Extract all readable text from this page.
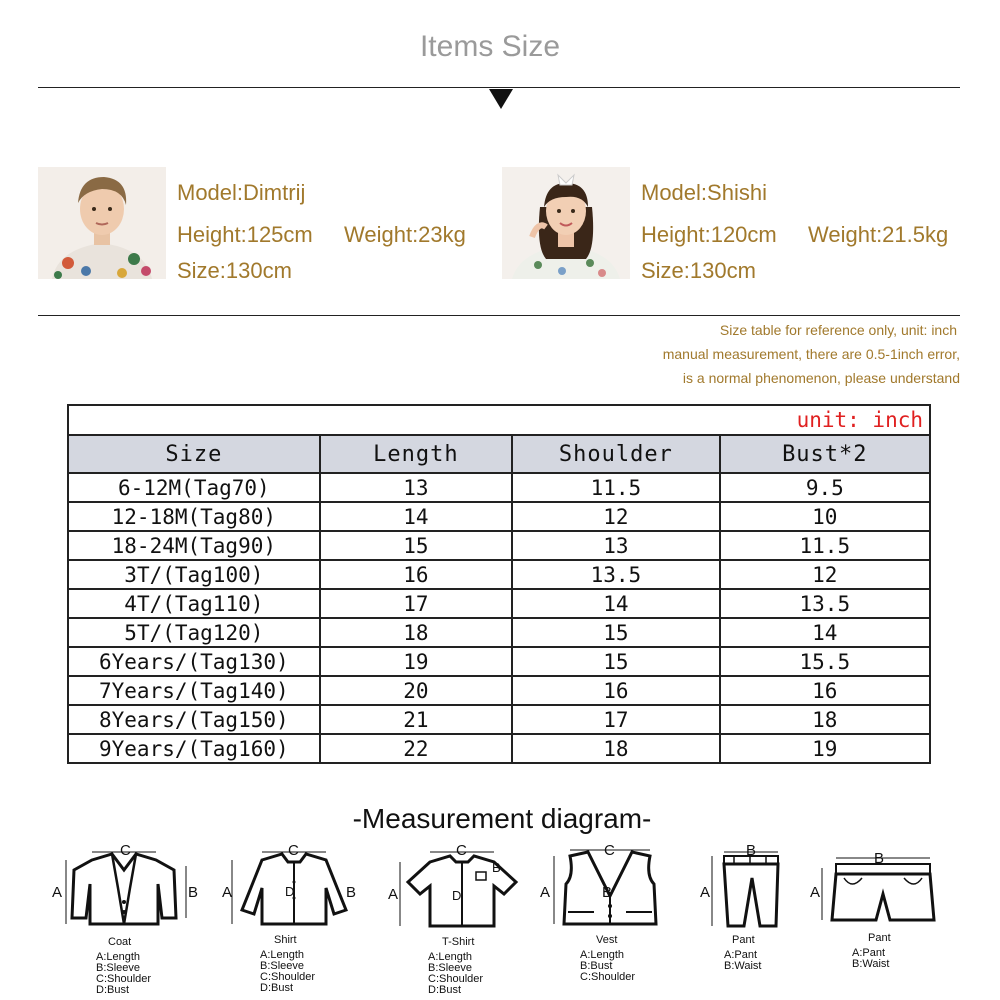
Items Size
Model:Dimtrij
Height:125cm Weight:23kg
Size:130cm
Model:Shishi
Height:120cm Weight:21.5kg
Size:130cm
Size table for reference only, unit: inch
manual measurement, there are 0.5-1inch error,
is a normal phenomenon, please understand
unit: inch			
Size	Length	Shoulder	Bust*2
6-12M(Tag70)	13	11.5	9.5
12-18M(Tag80)	14	12	10
18-24M(Tag90)	15	13	11.5
3T/(Tag100)	16	13.5	12
4T/(Tag110)	17	14	13.5
5T/(Tag120)	18	15	14
6Years/(Tag130)	19	15	15.5
7Years/(Tag140)	20	16	16
8Years/(Tag150)	21	17	18
9Years/(Tag160)	22	18	19
-Measurement diagram-
A	B
C
Coat
A:Length
B:Sleeve
C:Shoulder
D:Bust
A	B
C
D
Shirt
A:Length
B:Sleeve
C:Shoulder
D:Bust
A
B
C
D
T-Shirt
A:Length
B:Sleeve
C:Shoulder
D:Bust
A	B
C
Vest
A:Length
B:Bust
C:Shoulder
A
B
Pant
A:Pant
B:Waist
A
B
Pant
A:Pant
B:Waist
